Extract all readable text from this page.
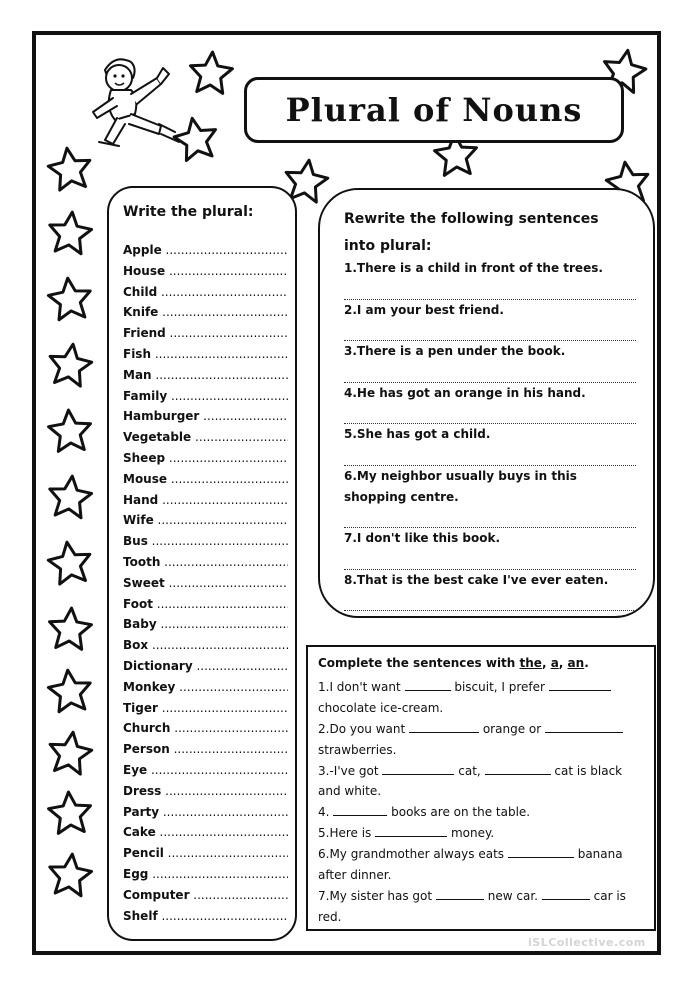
Plural of Nouns
Write the plural:
Apple .....
House .....
Child .....
Knife .....
Friend .....
Fish .....
Man .....
Family .....
Hamburger .....
Vegetable .....
Sheep .....
Mouse .....
Hand .....
Wife .....
Bus .....
Tooth .....
Sweet .....
Foot .....
Baby .....
Box .....
Dictionary .....
Monkey .....
Tiger .....
Church .....
Person .....
Eye .....
Dress .....
Party .....
Cake .....
Pencil .....
Egg .....
Computer .....
Shelf .....
Rewrite the following sentences into plural:
1.There is a child in front of the trees.
2.I am your best friend.
3.There is a pen under the book.
4.He has got an orange in his hand.
5.She has got a child.
6.My neighbor usually buys in this shopping centre.
7.I don't like this book.
8.That is the best cake I've ever eaten.
Complete the sentences with the, a, an.
1.I don't want	biscuit, I prefer
chocolate ice-cream.
2.Do you want	orange or
strawberries.
3.-I've got	cat,	cat is black
and white.
4.	books are on the table.
5.Here is	money.
6.My grandmother always eats	banana
after dinner.
7.My sister has got	new car.	car is
red.
iSLCollective.com
